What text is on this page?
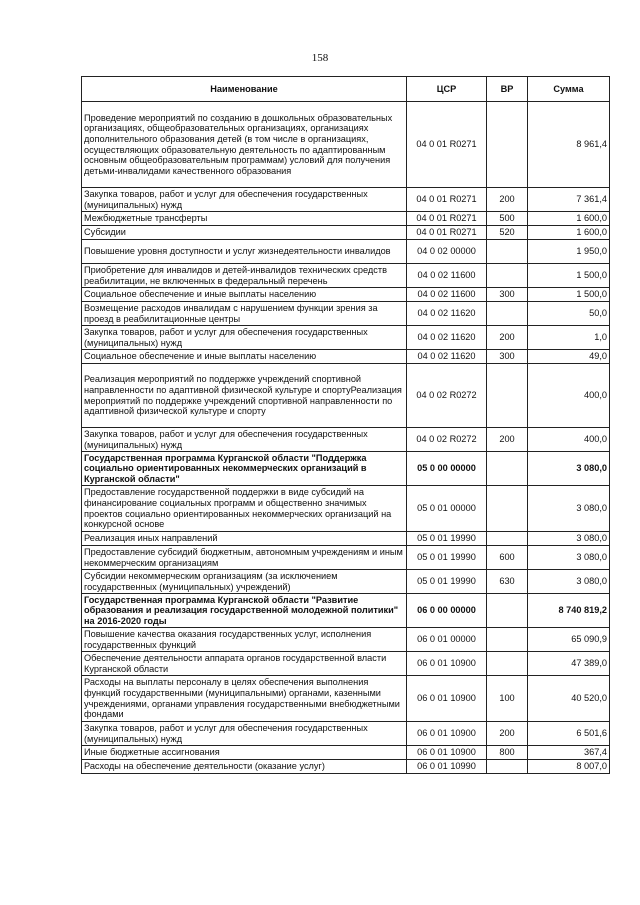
158
Наименование	ЦСР	ВР	Сумма
Проведение мероприятий по созданию в дошкольных образовательных организациях, общеобразовательных организациях, организациях дополнительного образования детей (в том числе в организациях, осуществляющих образовательную деятельность по адаптированным основным общеобразовательным программам) условий для получения детьми-инвалидами качественного образования	04 0 01 R0271		8 961,4
Закупка товаров, работ и услуг для обеспечения государственных (муниципальных) нужд	04 0 01 R0271	200	7 361,4
Межбюджетные трансферты	04 0 01 R0271	500	1 600,0
Субсидии	04 0 01 R0271	520	1 600,0
Повышение уровня доступности и услуг жизнедеятельности инвалидов	04 0 02 00000		1 950,0
Приобретение для инвалидов и детей-инвалидов технических средств реабилитации, не включенных в федеральный перечень	04 0 02 11600		1 500,0
Социальное обеспечение и иные выплаты населению	04 0 02 11600	300	1 500,0
Возмещение расходов инвалидам с нарушением функции зрения за проезд в реабилитационные центры	04 0 02 11620		50,0
Закупка товаров, работ и услуг для обеспечения государственных (муниципальных) нужд	04 0 02 11620	200	1,0
Социальное обеспечение и иные выплаты населению	04 0 02 11620	300	49,0
Реализация мероприятий по поддержке учреждений спортивной направленности по адаптивной физической культуре и спортуРеализация мероприятий по поддержке учреждений спортивной направленности по адаптивной физической культуре и спорту	04 0 02 R0272		400,0
Закупка товаров, работ и услуг для обеспечения государственных (муниципальных) нужд	04 0 02 R0272	200	400,0
Государственная программа Курганской области "Поддержка социально ориентированных некоммерческих организаций в Курганской области"	05 0 00 00000		3 080,0
Предоставление государственной поддержки в виде субсидий на финансирование социальных программ и общественно значимых проектов социально ориентированных некоммерческих организаций на конкурсной основе	05 0 01 00000		3 080,0
Реализация иных направлений	05 0 01 19990		3 080,0
Предоставление субсидий бюджетным, автономным учреждениям и иным некоммерческим организациям	05 0 01 19990	600	3 080,0
Субсидии некоммерческим организациям (за исключением государственных (муниципальных) учреждений)	05 0 01 19990	630	3 080,0
Государственная программа Курганской области "Развитие образования и реализация государственной молодежной политики" на 2016-2020 годы	06 0 00 00000		8 740 819,2
Повышение качества оказания государственных услуг, исполнения государственных функций	06 0 01 00000		65 090,9
Обеспечение деятельности аппарата органов государственной власти Курганской области	06 0 01 10900		47 389,0
Расходы на выплаты персоналу в целях обеспечения выполнения функций государственными (муниципальными) органами, казенными учреждениями, органами управления государственными внебюджетными фондами	06 0 01 10900	100	40 520,0
Закупка товаров, работ и услуг для обеспечения государственных (муниципальных) нужд	06 0 01 10900	200	6 501,6
Иные бюджетные ассигнования	06 0 01 10900	800	367,4
Расходы на обеспечение деятельности (оказание услуг)	06 0 01 10990		8 007,0
